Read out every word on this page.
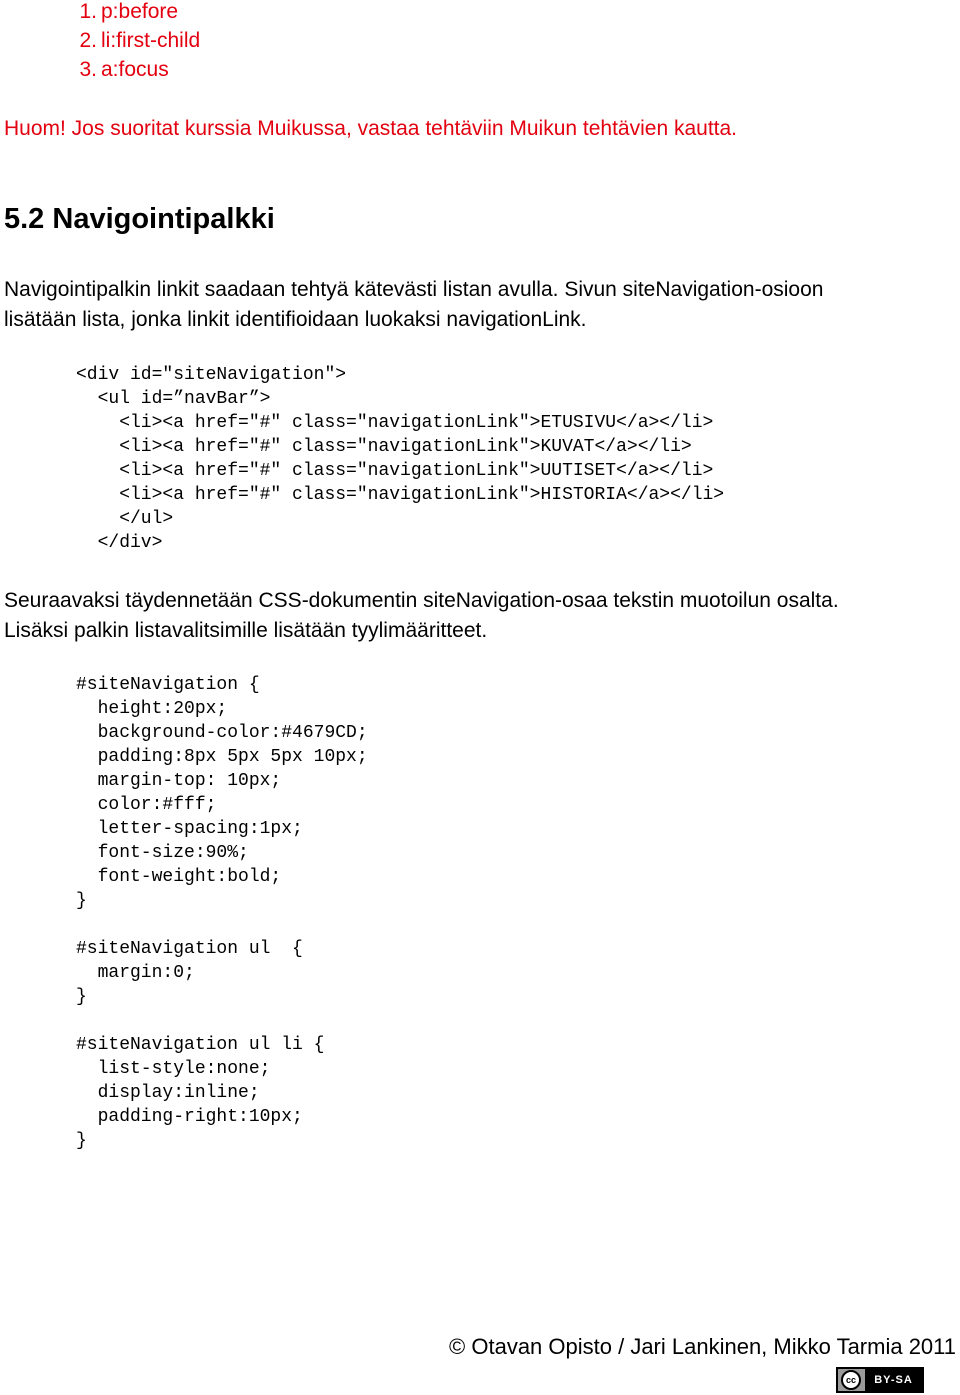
1. p:before
2. li:first-child
3. a:focus
Huom! Jos suoritat kurssia Muikussa, vastaa tehtäviin Muikun tehtävien kautta.
5.2 Navigointipalkki

Navigointipalkin linkit saadaan tehtyä kätevästi listan avulla. Sivun siteNavigation-osioon
lisätään lista, jonka linkit identifioidaan luokaksi navigationLink.

<div id="siteNavigation">
<ul id=”navBar”>
<li><a href="#" class="navigationLink">ETUSIVU</a></li>
<li><a href="#" class="navigationLink">KUVAT</a></li>
<li><a href="#" class="navigationLink">UUTISET</a></li>
<li><a href="#" class="navigationLink">HISTORIA</a></li>
</ul>
</div>

Seuraavaksi täydennetään CSS-dokumentin siteNavigation-osaa tekstin muotoilun osalta.
Lisäksi palkin listavalitsimille lisätään tyylimääritteet.

#siteNavigation {
height:20px;
background-color:#4679CD;
padding:8px 5px 5px 10px;
margin-top: 10px;
color:#fff;
letter-spacing:1px;
font-size:90%;
font-weight:bold;
}

#siteNavigation ul  {
margin:0;
}

#siteNavigation ul li {
list-style:none;
display:inline;
padding-right:10px;
}
© Otavan Opisto / Jari Lankinen, Mikko Tarmia 2011
cc	BY-SA
